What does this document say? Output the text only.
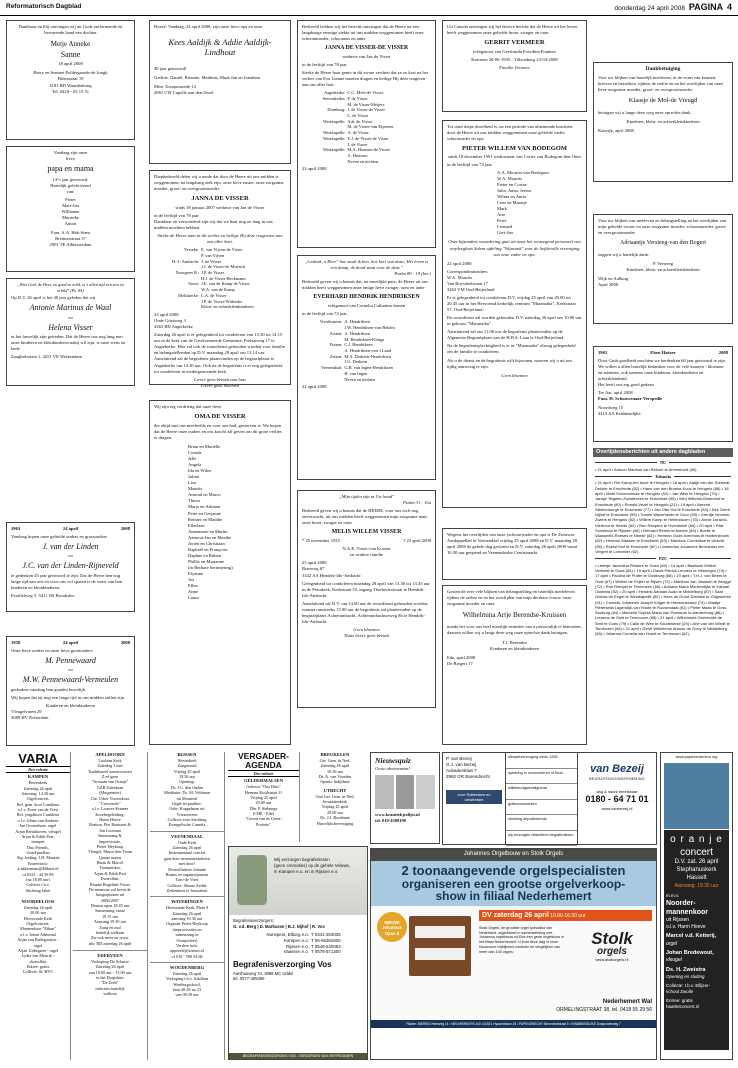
Reformatorisch Dagblad	donderdag 24 april 2008 PAGINA 4
Dankbaar en blij ontvingen wij uit Gods ontfermende en bewarende hand een dochter
Metje Anneke
Sanne
18 april 2008
Barry en Jeannet Poldergaarde-de Jongh
Hiemstraat 19
4181 BD Waardenburg
Tel. 0418 - 65 15 51
Vandaag zijn onze
lieve
papa en mama
13½ jaar getrouwd.
Hartelijk gefeliciteerd
van:
Pieter
Mart-Jan
Willianne
Marrieke
Anton
Fam. A.A. Hak-Stam
Breitnerstraat 37
2901 TE Alblasserdam
„Wiet God, de Heer, zo goed zo mild, is 't allen tijd een zon en schild" (Ps. 84)
Op D.V. 26 april is het 40 jaar geleden dat wij
Antonie Marinus de Waal
en
Helena Visser
in het huwelijk zijn getreden. Dat de Heere ons nog lang met onze kinderen en kleinkinderen nabij wil zijn, is onze wens en bede.
Zaagbekstraat 1, 4251 VE Werkendam
1963	24 april	2008
Vandaag hopen onze geliefde ouders en grootouders
J. van der Linden
en
J.C. van der Linden-Rijneveld
te gedenken 45 jaar getrouwd te zijn. Dat de Heere hen nog lange tijd aan ons en voor ons wil sparen is de wens van hun kinderen en kleinkinderen.
Parallelweg 5, 3411 NS Brouksleu
1958	24 april	2008
Onze lieve ouders en onze lieve grootouders
M. Pennewaard
en
M.W. Pennewaard-Vermeulen
gedenken vandaag hun gouden huwelijk.
Wij hopen dat zij nog een lange tijd in ons midden zullen zijn.
Kinderen en kleinkinderen
Vleugelvaren 29
3089 HV Rotterdam
Hoera! Vandaag, 24 april 2008, zijn onze lieve opa en oma
Kees Aaldijk & Addie Aaldijk-Lindhout
40 jaar getrouwd!
Gerline, Daniël, Brianne, Matthias, Mark Jan en Jonathan
Meer Toxopeusrede 12
2861 CW Capelle aan den IJssel
Diepbedroefd delen wij u mede dat door de Heere uit ons midden is weggenomen, na langdurig ziek zijn, onze lieve zuster, onze zorgzame moeder, groot- en overgrootmoeder
JANNA DE VISSER
sinds 18 januari 2007 weduwe van Jan de Visser
in de leeftijd van 78 jaar.
Dankbaar en verwonderd zijn wij dat we haar nog zo lang in ons midden mochten hebben.
Sterke de Heere nam in dit verlies en heilige Hij deze reageeren aan ons aller hart.
Yerseke:	E. van Vijven-de Visser
	P. van Vijven
H.-I.-Ambacht:	J. de Visser
	J.J. de Visser-de Muynck
Noorgeen B.:	J.P. de Visser
	H.J. de Visser-Beckmann
Soest:	J.E. van de Kamp-de Visser
	W.A. van de Kamp
Meliskerke:	L.A. de Visser
	J.P. de Visser-Wiskerke
	Klein- en achterkleinkinderen
23 april 2008
Oude Grintweg 3
4363 BD Aagtekerke
Zaterdag 26 april is er gelegenheid tot condoleren van 13.30 tot 14.15 uur in de kerk van de Gereformeerde Gemeente, Prelaatweg 17 te Aagtekerke. Hier zal ook de rouwdienst gehouden worden voor familie en belangstellenden op D.V. maandag 28 april om 13.14 uur. Aansluitend zal de begrafenis plaatsvinden op de begraafplaats te Aagtekerke om 14.30 uur. Ook na de begrafenis is er nog gelegenheid tot condoleren in eerdergenoemde kerk.
Liever geen bezoek aan huis
Liever geen bloemen
Wij zijn erg verdrietig dat onze lieve
OMA DE VISSER
die altijd met ons meeleefde en voor ons bad, gestorven is. We hopen dat de Heere onze ouders en ons kracht zal geven om dit grote verlies te dragen.
Bram en Mariëlle
Cornda
Jelle
Angela
Ida en Wileo
Julian
Lisa
Maurits
Arnoud en Marco
Thirza
Marja en Adriaan
Peter en Gerjanne
Reinier en Maddie
Ellerlaan
Annemarie en Martin
Aarnout-Jan en Maaike
Jorien en Christiaan
Raphaël en Françoise
Daphne en Ruben
Phillis en Marianne
(in Berhare herinnering)
Elyanne
Joa
Ellen
Anne
Laura
Bedroefd hebben wij het bericht ontvangen dat de Heere na een langdurige ernstige ziekte uit ons midden weggenomen heeft onze schoonmoeder, schoonzus en tante
JANNA DE VISSER-DE VISSER
weduwe van Jan de Visser
in de leeftijd van 78 jaar.
Sterke de Heere haar genie in dit zware verdriet dat ze zo kort na het verlies van Eva Lianne moeten dragen en heilige Hij deze reageren aan ons aller hart.
Aagtekerke:	C.C. Mele-de Visser
Serooskerke:	P. de Visser
	M. de Visser-Meijers
Domburg:	J. de Visser-de Visser
	L. de Visser
Westkapelle:	Adr. de Visser
	M. de Visser-van Eijneren
Westkapelle:	A. de Visser
Westkapelle:	E.J. de Visser-de Visser
	J. de Visser
Westkapelle:	M.A. Houmes-de Visser
	A. Houmes
	Neven en nichten
23 april 2008
„Gedenk, o Heer" hoe zwak ik ben, hoe kort van duur; Het leven is een damp, de dood staat voor de deur."
Psalm 89 : 19 (ber.)
Bedroefd geven wij u kennis dat, na moeilijke pare, de Heere uit ons midden heeft weggenomen onze ernige lieve zwager, oom en tante
EVERHARD HENDRIK HENDRIKSEN
echtgenoot van Cornelia Catharina Jansen
in de leeftijd van 72 jaar.
Voorthuizen:	A. Hendriksen
	J.W. Hendriksen-van Beklen
Zetten:	A. Hendriksen
	M. Hendriksen-Klinga
Putten:	C.J. Hendriksen
	A. Hendriksen-van 't Land
Zetten:	M.A. Derksen-Hendriksen
	J.G. Derksen
Veenendaal:	G.B. van Ingen-Hendriksen
	H. van Ingen
	Neven en nichten
22 april 2008
„Mijn tijden zijn in Uw hand"
Psalm 31 : 16a
Bedroefd geven wij u kennis dat de HEERE, voor ons toch nog onverwacht, uit ons midden heeft weggenomen mijn zorgzame man, onze broer, zwager en oom
MELIS WILLEM VISSER
* 25 november 1925	† 23 april 2008
N.A.E. Visser-van Kooten
en verdere familie
23 april 2008
Boerweg 67
3342 AA Hendrik-Ido-Ambacht
Gelegenheid tot condoleren maandag 28 april van 13.30 tot 13.45 uur in de Petrakerk, Kerkstraat 10, ingang Thorbeckestraat te Hendrik-Ido-Ambacht.
Aansluitend zal D.V. om 14.00 uur de rouwdienst gehouden worden, waarna omstreeks 15.00 uur de begrafenis zal plaatsvinden op de begraafplaats Achterambacht, Achterambachtseweg 8b te Hendrik-Ido-Ambacht.
Geen bloemen
Thuis liever geen bezoek
Uit Canada ontvingen wij het droeve bericht dat de Heere uit het leven heeft weggenomen onze geliefde broer, zwager en oom
GERRIT VERMEER
echtgenoot van Geertruida Everdina Franken
Kesteren 26-06-1935 - Tillsonburg 23-04-2008
Familie Vermeer
Tot onze diepe droefheid is, na een periode van afnemende krachten, door de Heere uit ons midden weggenomen onze geliefde vader, schoonvader en opa
PIETER WILLEM VAN BODEGOM
sinds 18 december 1991 weduwnaar van Corrie van Bodegom-den Otter
in de leeftijd van 73 jaar.
A.A. Mourits-van Bodegom
W.A. Mourits
Pieter en Corine
Julia, Anna, Jerem
Wilma en Anita
Cees en Maartje
Mark
Arie
Peter
Leonard
Gert-Jan
Onze bijzondere waardering gaat uit naar het verzorgend personeel van verpleeghuis Salem afdeling "Wijnrank" voor de liefdevolle verzorging van onze vader en opa.
22 april 2008
Correspondentieadres:
W.A. Mourits
Van Roysdaelstraat 17
3263 VM Oud-Beijerland
Er is gelegenheid tot condoleren D.V. vrijdag 25 april van 20.00 tot 20.45 uur in het Hervormd kerkelijk centrum "Maranatha", Kerkstraat 57, Oud-Beijerland.
De rouwdienst zal worden gehouden D.V. zaterdag 26 april om 10.00 uur in gebouw "Maranatha".
Aansluitend zal om 11.00 uur de begrafenis plaatsvinden op de Algemene Begraafplaats aan de H.B.S. Laan te Oud-Beijerland.
Na de begrafenisplechtigheid is er in "Maranatha" alsnog gelegenheid om de familie te condoleren.
Als u de dienst en de begrafenis wilt bijwonen, noteren wij u uit om tijdig aanwezig te zijn.
Geen bloemen
Wegens het overlijden van onze (schoon)vader en opa is De Zeeuwse Aardappelhal in Veenendaal vrijdag 25 april 2008 en D.V. maandag 28 april 2008 de gehele dag gesloten en D.V. zaterdag 26 april 2008 vanaf 10.30 uur geopend en Veenendaalse Centrumarkt.
Gezien de zeer vele blijken van belangstelling en hartelijk medeleven tijdens de ziekte en na het overlijden van mijn dierbare vrouw, onze zorgzame moeder en oma
Wilhelmina Artje Berendse-Kruissen
maakt het voor ons heel moeilijk eenieder van u persoonlijk te bemoeten, daarom willen wij u langs deze weg onze oprechte dank betuigen.
T.J. Berendse
Kinderen en kleinkinderen
Ede, april 2008
De Biegert 17
Dankbetuiging
Voor uw blijken van hartelijk meeleven, in de vorm van kaarten, brieven en bezoeken, tijdens de ziekte en na het overlijden van onze lieve zorgzame moeder, groot- en overgrootmoeder
Klaasje de Mol-de Vreugd
betuigen wij u lange deze weg onze oprechte dank.
Kinderen, klein- en achterkleinkinderen
Katwijk, april 2008
Voor uw blijken van meeleven en belangstelling na het overlijden van mijn geliefde vrouw en onze zorgzame moeder, schoonmoeder, groot- en overgrootmoeder
Adriaantje Versteeg-van den Bogert
zeggen wij u hartelijk dank.
P. Versteeg
Kinderen, klein- en achterkleinkinderen
Wijk en Aalburg
April 2008
1963	Eben Haëzer	2008
Door Gods goedheid mochten we herdenken 60 jaar getrouwd te zijn. We willen u allen hartelijk bedanken voor de vele kaarten - bloemen en attenties, ook namens onze kinderen, kleinkinderen en achterkleinkind.
Het heeft ons erg goed gedaan.
Ter Aar, april 2008
Fam. H. Schouwenaar-Verspeille
Noordweg 15
4413 AA Krabbendijke
Overlijdensberichten uit andere dagbladen
NU
• 21 april • Antoon Marinus van Rekum te Amersfoort (80).
Tubantia
• 21 april • Rie Kamp-ten bove te Hengelo • 18 april • Aaltje van der Scheeal-Dekker te Enschede (82) • Hans van den Broeke-Kooz te Hengelo (86) • 18 april • Mark Schoonhoute te Hengelo (52) • Jan Wiss te Hengelo (73) • Janaje Teigeler-Zwarteveen te Enschede (95) • Mini Wilbrink-Bloemhof te Enschede (80) • Ronald Vezel te Hengelo (21) • 19 april • Berend Sterkenburgh te Enschede (77) • Jan Otto Hol te Enschede (83) • Dirk Gerrit Nijhof te Enschede (95) • Tonnie Waverheide te Goor (95) • Gerritje Vennink-Zwiers te Hengelo (82) • Willem Kamp te Hellendoorn (78) • Annie Leusink-Vierhuur te Neede (62) • Ben Ranpers te Overdinkel (64) • 20 april • Rita Scholman te Rijssen (46) • Bernard Rerink te Almelo (84) • Boelie te Vaassenhi-Roeses te Neede (82) • Herman Oude Avenhuis te Harbrinkhoek (82) • Herman Wassen te Enschede (53) • Martinus Cornelisse te Utrecht (95) • Roelof Kist te Enschede (82) • Lambertus Johannes Bernardus ten Vergert te Lonneker (62).
PZC
• Leentje Jacomina Rinders te Goes (84) • 14 april • Bastiaan Willem Verhelst te Goes (64) • 19 april • David Patrick Lenders te Vlissingen (74) • 17 april • Paulina de Putter te Oostburg (88) • 19 april • T.H.J. van Beers te Oost (67) • Willem de Feijter te Rijsen (72) • Martinus Jan Janssen te Brugge (72) • Rob Rempel te Terneuzen (66) • Adriana Maria Meulendijks te Kanaal Oosteda (92) • 20 april • Hendrik Adriaan Audo te Middelburg (87) • Saar Gloriss de Engel te Westkapelle (82) • Kees de Groot-Davidse te Grijpskerke (91) • Cornelis Johannes Joseph Krijger te Heinkenszand (74) • Maatje Pietersella Lagendijk-van Houte te Roosendaal (81) • Pieter Maas te Oost-Souburg (84) • Marcella Sophia Maria van Puessum te Aardenburg (86) • Lourens de Smit te Terneuzen (88) • 21 april • Wilhelmina Geertruida de Smit te Goes (79) • Callo de Wee te Koudekerke (29) • Arie van der Windt te Terneuzen (66) • 21 april • Gerrit Wilhelmus Antoon de Gooy te Middelburg (83) • Johanna Cornelia van Hoedt te Terneuzen (62).
VARIA
Deo volente
KAMPEN
Bovenkerk
Zaterdag 26 april
Aanvang: 14.30 uur
Orgelconcert,
Ref. gem. koor Cantilena
o.l.v. Evert van de Veen
Ref. jeugdkoor Cantilena
o.l.v. Johan van Ambsen
Jan Groeneboer, orgel
Arjan Breukhoven, vleugel
Arjan & Edith Post,
trompet
Duo Friends,
vloed/panfluit
Alg. leiding: J.H. Mauritz
Entree/info:
k.akkermans@kliknet.nl
of 0323 - 44 50 83
(na 18.00 uur)
Collecte t.b.v.
Stichting Jabet
NOORDELOOS
Zaterdag 26 april
20.00 uur
Hervormde Kerk
Orgelconcert:
Mannenkoor "Ethan"
o.l.v. Johan Admiraal
Arjan van Baltegooijen -
orgel
Arjan Uitbegtere - orgel
Lydia van Mourik -
dwarsfluit
Entree: gratis
Collecte: St. HVC
APELDOORN
Loolaan Kerk
Zaterdag 3 mei
Traditioneel zomerconcert
Z ed geen
"In naam van Oranje"
GZB Zaterdaan
(Morgenster)
Chr. Urker Visserskoor
"Crescendo"
o.l.v. Louwes Kramer
Koorbegeleiding:
Harm Hoeve
Bariton, Piet Baarssen &
Jan Loorsma
Samenzang &
improvisatie,
Pieter Heykoop
Vleugel, Marco den Toom
Quatre mains
Harm & Marcel
Trompetduo,
Arjan & Edith Post
Dwarsfluit,
Rianne Bogelink-Visser
De menestre zal bevat de
hoogtepunten uit
2006/2007
Deuren open 18.45 uur
Samenzang vanaf
19.15 uur
Aanvang 19.30 uur
Zong en oud
hartelijk welkom
Zie ook meer on www.
adv. RD zaterdag 26 april
EDERVEEN
Verkoping-De Schutse
Zaterdag 26 april
van 10.00 uur - 15.00 uur
in het Dorpshuis
"De Zerle"
iedereen hartelijk
welkom
RIJSSEN
Westerkerk
Zangavond
Vrijdag 25 april
19.30 uur
Opening:
Ds. J.C. den Ouden
Meditatie: Ds. M. Veldman
uit Montreal
Orgel en panfluit:
Gebr. Koppelman uit
Vriezenveen
Collecte voor Stichting
Evangelische Cansela
VEENENDAAL
Oude Kerk
Zaterdag 26 april
Instrumentaal concert
gaat door instrumentalisten
met door!
Dwarsfluitiste Jolanda
Braam en organist/pianist
Turo-de Vries
Collecte: Shaare Zedek
Ziekenhuis te Jeruzalem
WATERINGEN
Hervormde Kerk, Plein 9
Zaterdag 26 april
aanvang 19.30 uur
Organist Pieter Heykoop
(improvisaties en
samenzang in
Oranjesfeer)
Verdere info:
appeoeff@zonnet.nl
of 010 - 590 54 68
WOUDENBERG
Zaterdag 26 april
Verkoping t.b.v. Adullam
Wartburgschool,
laan 40-45 no 33
van 09.30 uur
VERGADER-AGENDA
Deo volente
GELDERMALSEN
Gebouw "Ons Huis"
Herman Kuijlstraat 11
Vrijdag 25 april
20.00 uur
Dhr. P. Siebenga
(CHE - Ede)
"Geven van de Geest:
Profetie"
BREUKELEN
Ger. Gem. in Ned.
Zaterdag 26 april
10.30 uur
Ds. A. van Voorden
Opentr. bidijdmis
UTRECHT
Oud Ger. Gem. in Ned.
Jeruzalemkerk
Vrijdag 25 april
20.00 uur
Ds. J.J. Roodnant
Huwelijksbevestiging
Nieuwsquiz
Grote abonnement!
www.kranttekjeslijst.nl
tel. 010-4309190
Wij verzorgen begrafenissen
(geen crematies) op de gehele Veluwe,
in Kampen e.o. en in Rijssen e.o.
Begrafenisverzorgers:
G. v.d. Berg | D. Markusse | B.J. Nijhof | R. Vos
Nunspeet, Elburg e.o.	T 0341-253035
Kampen e.o.	T 06-55362826
Rijssen e.o.	T 0548-540053
Vaassen e.o.	T 0578-571300
Begrafenisverzorging Vos
Aanlhuuweg 74, 3888 MC Uddel
tel. 0577-405489
BEGRAFENISVERZORGING VOS - VERZORGEN VAN VERTROUWEN
P. van Bezeij
G.J. van Bezeij
Aubadestraat 7
2992 GR Barendrecht
voor Rotterdam en omstreken
uitvaartverzorging sinds 1935
opbaring in rouwcentrum of thuis
willekeurigwenkligheda
grafmonumenten
stichting depositofonds
wij verzorgen uitsluitend begrafenissen
van Bezeij
BEGRAFENISONDERNEMING
dag & nacht bereikbaar
0180 - 64 71 01
www.vanbezeij.nl
Johannes Orgelbouw en Stolk Orgels
2 toonaangevende orgelspecialisten
organiseren een grootse orgelverkoop-
show in filiaal Nederhemert
NIEUW!
Johannus
Opus 8
DV zaterdag 26 april 10.00-16.00 uur
Stolk Orgels, de grootste orgel specialist van Nederland, organiseert in samenwerking met Johannus orgelbouw uit Ede een grote orgelshow in het filiaal Nederhemert. U kunt deze dag in onze showroom vrijblijvend luisteren en vergelijken van meer dan 100 orgels.
Stolk
orgels
www.stolkorgels.nl
Nederhemert Wal
ORMELINGSTRAAT 38, tel. 0418 55 29 56
Filialen: BIERED Veenweg 14 • NIEUWERKERK A/D IJSSEL Hyacinthlaan 15 • PAPENDRECHT Binnenhofstraat 5 • KRABBENDIJKE Oostpolderweg 7
www.paplerenkerkon.org
o r a n j e
concert
D.V. zat. 26 april
Stephanuskerk
Hasselt
Aanvang: 19.30 uur
m.m.v.
Noorder-
mannenkoor
uit Rijssen
o.l.v. Harm Hoeve
Marcel v.d. Ketterij,
orgel
Johan Bredewout,
vleugel
Ds. H. Zweistra
Opening en sluiting
Collecte: t.b.v. Ellijzer-
school Zwolle
Entree: gratis
haarletconcert.nl
